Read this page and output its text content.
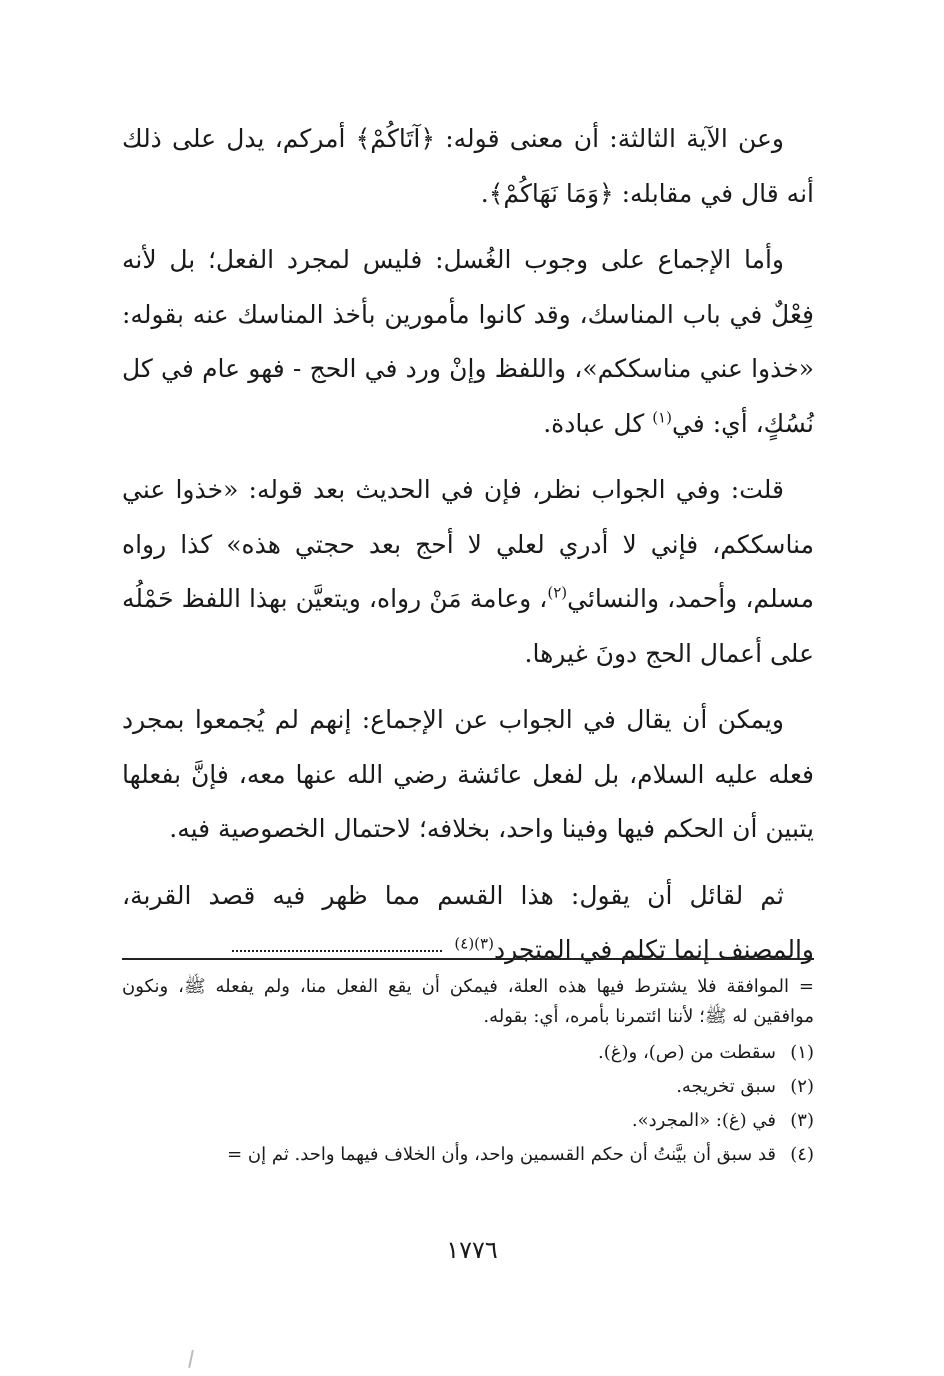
وعن الآية الثالثة: أن معنى قوله: ﴿آتَاكُمْ﴾ أمركم، يدل على ذلك أنه قال في مقابله: ﴿وَمَا نَهَاكُمْ﴾.

وأما الإجماع على وجوب الغُسل: فليس لمجرد الفعل؛ بل لأنه فِعْلٌ في باب المناسك، وقد كانوا مأمورين بأخذ المناسك عنه بقوله: «خذوا عني مناسككم»، واللفظ وإنْ ورد في الحج - فهو عام في كل نُسُكٍ، أي: في$^{(١)}$ كل عبادة.

قلت: وفي الجواب نظر، فإن في الحديث بعد قوله: «خذوا عني مناسككم، فإني لا أدري لعلي لا أحج بعد حجتي هذه» كذا رواه مسلم، وأحمد، والنسائي$^{(٢)}$، وعامة مَنْ رواه، ويتعيَّن بهذا اللفظ حَمْلُه على أعمال الحج دونَ غيرها.

ويمكن أن يقال في الجواب عن الإجماع: إنهم لم يُجمعوا بمجرد فعله عليه السلام، بل لفعل عائشة رضي الله عنها معه، فإنَّ بفعلها يتبين أن الحكم فيها وفينا واحد، بخلافه؛ لاحتمال الخصوصية فيه.

ثم لقائل أن يقول: هذا القسم مما ظهر فيه قصد القربة، والمصنف إنما تكلم في المتجرد$^{(٣)(٤)}$

= الموافقة فلا يشترط فيها هذه العلة، فيمكن أن يقع الفعل منا، ولم يفعله ﷺ، ونكون موافقين له ﷺ؛ لأننا ائتمرنا بأمره، أي: بقوله.

(١)سقطت من (ص)، و(غ).

(٢)سبق تخريجه.

(٣)في (غ): «المجرد».

(٤)قد سبق أن بيَّنتُ أن حكم القسمين واحد، وأن الخلاف فيهما واحد. ثم إن =

١٧٧٦
